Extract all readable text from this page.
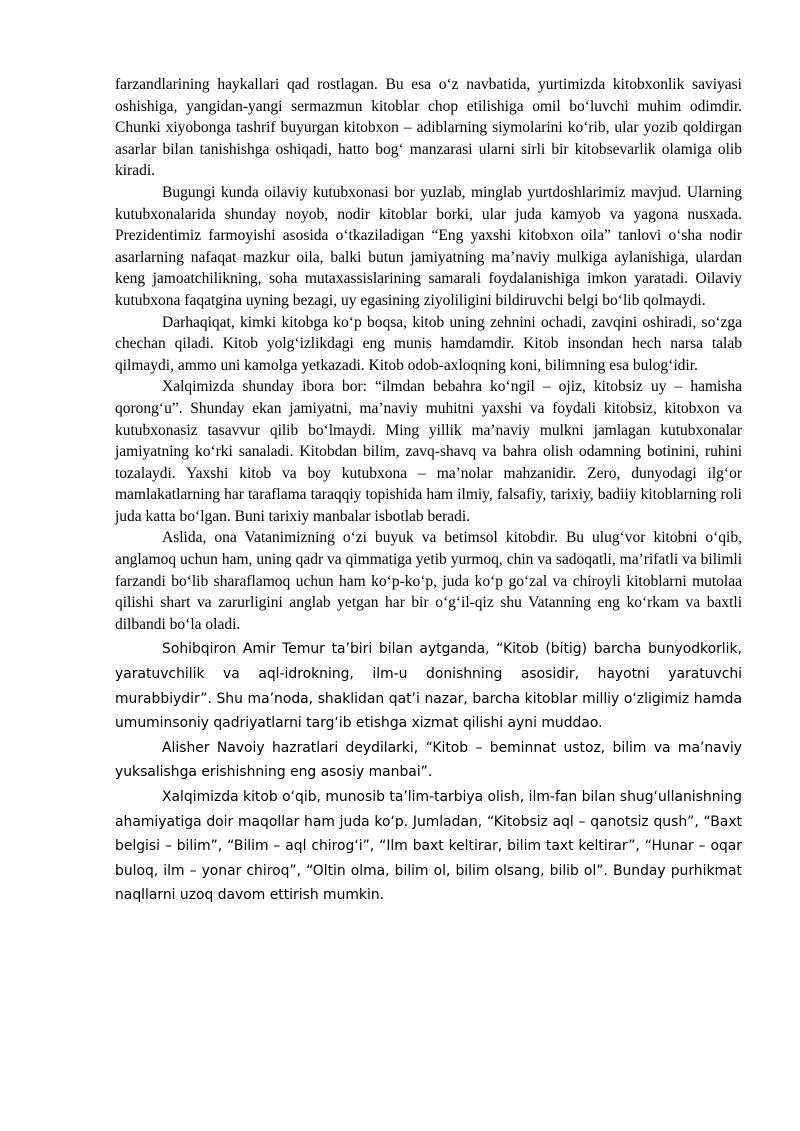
farzandlarining haykallari qad rostlagan. Bu esa o‘z navbatida, yurtimizda kitobxonlik saviyasi oshishiga, yangidan-yangi sermazmun kitoblar chop etilishiga omil bo‘luvchi muhim odimdir. Chunki xiyobonga tashrif buyurgan kitobxon – adiblarning siymolarini ko‘rib, ular yozib qoldirgan asarlar bilan tanishishga oshiqadi, hatto bog‘ manzarasi ularni sirli bir kitobsevarlik olamiga olib kiradi.

Bugungi kunda oilaviy kutubxonasi bor yuzlab, minglab yurtdoshlarimiz mavjud. Ularning kutubxonalarida shunday noyob, nodir kitoblar borki, ular juda kamyob va yagona nusxada. Prezidentimiz farmoyishi asosida o‘tkaziladigan “Eng yaxshi kitobxon oila” tanlovi o‘sha nodir asarlarning nafaqat mazkur oila, balki butun jamiyatning ma’naviy mulkiga aylanishiga, ulardan keng jamoatchilikning, soha mutaxassislarining samarali foydalanishiga imkon yaratadi. Oilaviy kutubxona faqatgina uyning bezagi, uy egasining ziyoliligini bildiruvchi belgi bo‘lib qolmaydi.

Darhaqiqat, kimki kitobga ko‘p boqsa, kitob uning zehnini ochadi, zavqini oshiradi, so‘zga chechan qiladi. Kitob yolg‘izlikdagi eng munis hamdamdir. Kitob insondan hech narsa talab qilmaydi, ammo uni kamolga yetkazadi. Kitob odob-axloqning koni, bilimning esa bulog‘idir.

Xalqimizda shunday ibora bor: “ilmdan bebahra ko‘ngil – ojiz, kitobsiz uy – hamisha qorong‘u”. Shunday ekan jamiyatni, ma’naviy muhitni yaxshi va foydali kitobsiz, kitobxon va kutubxonasiz tasavvur qilib bo‘lmaydi. Ming yillik ma’naviy mulkni jamlagan kutubxonalar jamiyatning ko‘rki sanaladi. Kitobdan bilim, zavq-shavq va bahra olish odamning botinini, ruhini tozalaydi. Yaxshi kitob va boy kutubxona – ma’nolar mahzanidir. Zero, dunyodagi ilg‘or mamlakatlarning har taraflama taraqqiy topishida ham ilmiy, falsafiy, tarixiy, badiiy kitoblarning roli juda katta bo‘lgan. Buni tarixiy manbalar isbotlab beradi.

Aslida, ona Vatanimizning o‘zi buyuk va betimsol kitobdir. Bu ulug‘vor kitobni o‘qib, anglamoq uchun ham, uning qadr va qimmatiga yetib yurmoq, chin va sadoqatli, ma’rifatli va bilimli farzandi bo‘lib sharaflamoq uchun ham ko‘p-ko‘p, juda ko‘p go‘zal va chiroyli kitoblarni mutolaa qilishi shart va zarurligini anglab yetgan har bir o‘g‘il-qiz shu Vatanning eng ko‘rkam va baxtli dilbandi bo‘la oladi.

Sohibqiron Amir Temur ta’biri bilan aytganda, “Kitob (bitig) barcha bunyodkorlik, yaratuvchilik va aql-idrokning, ilm-u donishning asosidir, hayotni yaratuvchi murabbiydir”. Shu ma’noda, shaklidan qat’i nazar, barcha kitoblar milliy o‘zligimiz hamda umuminsoniy qadriyatlarni targ‘ib etishga xizmat qilishi ayni muddao.

Alisher Navoiy hazratlari deydilarki, “Kitob – beminnat ustoz, bilim va ma’naviy yuksalishga erishishning eng asosiy manbai”.

Xalqimizda kitob o‘qib, munosib ta’lim-tarbiya olish, ilm-fan bilan shug‘ullanishning ahamiyatiga doir maqollar ham juda ko‘p. Jumladan, “Kitobsiz aql – qanotsiz qush”, “Baxt belgisi – bilim”, “Bilim – aql chirog‘i”, “Ilm baxt keltirar, bilim taxt keltirar”, “Hunar – oqar buloq, ilm – yonar chiroq”, “Oltin olma, bilim ol, bilim olsang, bilib ol”. Bunday purhikmat naqllarni uzoq davom ettirish mumkin.
